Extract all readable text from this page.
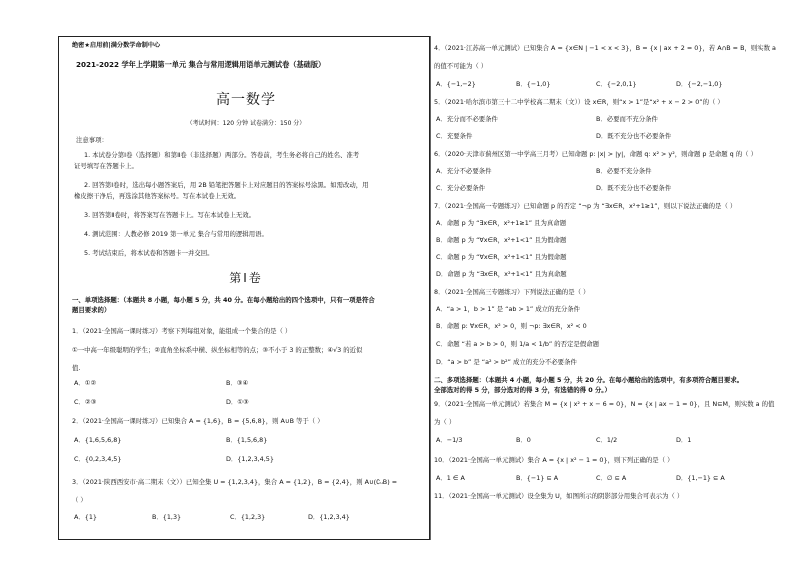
绝密★启用前|满分数学命制中心
2021-2022 学年上学期第一单元 集合与常用逻辑用语单元测试卷（基础版）
高一数学
（考试时间：120 分钟 试卷满分：150 分）
注意事项：
1. 本试卷分第Ⅰ卷（选择题）和第Ⅱ卷（非选择题）两部分。答卷前，考生务必将自己的姓名、准考
证号填写在答题卡上。
2. 回答第Ⅰ卷时，选出每小题答案后，用 2B 铅笔把答题卡上对应题目的答案标号涂黑。如需改动，用
橡皮擦干净后，再选涂其他答案标号。写在本试卷上无效。
3. 回答第Ⅱ卷时，将答案写在答题卡上。写在本试卷上无效。
4. 测试范围：人教必修 2019 第一单元 集合与常用的逻辑用语。
5. 考试结束后，将本试卷和答题卡一并交回。
第Ⅰ卷
一、单项选择题：（本题共 8 小题，每小题 5 分，共 40 分。在每小题给出的四个选项中，只有一项是符合
题目要求的）
1．（2021·全国高一课时练习）考察下列每组对象，能组成一个集合的是（ ）
①一中高一年级聪明的学生；②直角坐标系中横、纵坐标相等的点；③不小于 3 的正整数；④√3 的近似
值.
A．①②	B．③④
C．②③	D．①③
2．（2021·全国高一课时练习）已知集合 A = {1,6}，B = {5,6,8}，则 A∪B 等于（ ）
A．{1,6,5,6,8}	B．{1,5,6,8}
C．{0,2,3,4,5}	D．{1,2,3,4,5}
3．（2021·陕西西安市·高二期末（文））已知全集 U = {1,2,3,4}，集合 A = {1,2}，B = {2,4}，则 A∪(∁ᵤB) =
（ ）
A．{1}	B．{1,3}	C．{1,2,3}	D．{1,2,3,4}
4．（2021·江苏高一单元测试）已知集合 A = {x∈N | −1 < x < 3}，B = {x | ax + 2 = 0}，若 A∩B = B，则实数 a
的值不可能为（ ）
A．{−1,−2}	B．{−1,0}	C．{−2,0,1}	D．{−2,−1,0}
5．（2021·哈尔滨市第三十二中学校高二期末（文））设 x∈R，则“x > 1”是“x² + x − 2 > 0”的（ ）
A．充分而不必要条件	B．必要而不充分条件
C．充要条件	D．既不充分也不必要条件
6．（2020·天津市蓟州区第一中学高三月考）已知命题 p: |x| > |y|，命题 q: x² > y²，则命题 p 是命题 q 的（ ）
A．充分不必要条件	B．必要不充分条件
C．充分必要条件	D．既不充分也不必要条件
7．（2021·全国高一专题练习）已知命题 p 的否定 “¬p 为 “∃x∈R，x²+1≥1”，则以下说法正确的是（ ）
A．命题 p 为 “∃x∈R，x²+1≥1” 且为真命题
B．命题 p 为 “∀x∈R，x²+1<1” 且为假命题
C．命题 p 为 “∀x∈R，x²+1<1” 且为假命题
D．命题 p 为 “∃x∈R，x²+1<1” 且为真命题
8．（2021·全国高三专题练习）下列说法正确的是（ ）
A．“a > 1，b > 1” 是 “ab > 1” 成立的充分条件
B．命题 p: ∀x∈R，x² > 0，则 ¬p: ∃x∈R，x² < 0
C．命题 “若 a > b > 0，则 1/a < 1/b” 的否定是假命题
D．“a > b” 是 “a² > b²” 成立的充分不必要条件
二、多项选择题：（本题共 4 小题，每小题 5 分，共 20 分。在每小题给出的选项中，有多项符合题目要求。
全部选对的得 5 分，部分选对的得 3 分，有选错的得 0 分。）
9．（2021·全国高一单元测试）若集合 M = {x | x² + x − 6 = 0}，N = {x | ax − 1 = 0}，且 N⊆M，则实数 a 的值
为（ ）
A．−1/3	B．0	C．1/2	D．1
10．（2021·全国高一单元测试）集合 A = {x | x² − 1 = 0}，则下列正确的是（ ）
A．1 ∈ A	B．{−1} ⊆ A	C．∅ ⊆ A	D．{1,−1} ⊆ A
11．（2021·全国高一单元测试）设全集为 U，如图所示的阴影部分用集合可表示为（ ）
